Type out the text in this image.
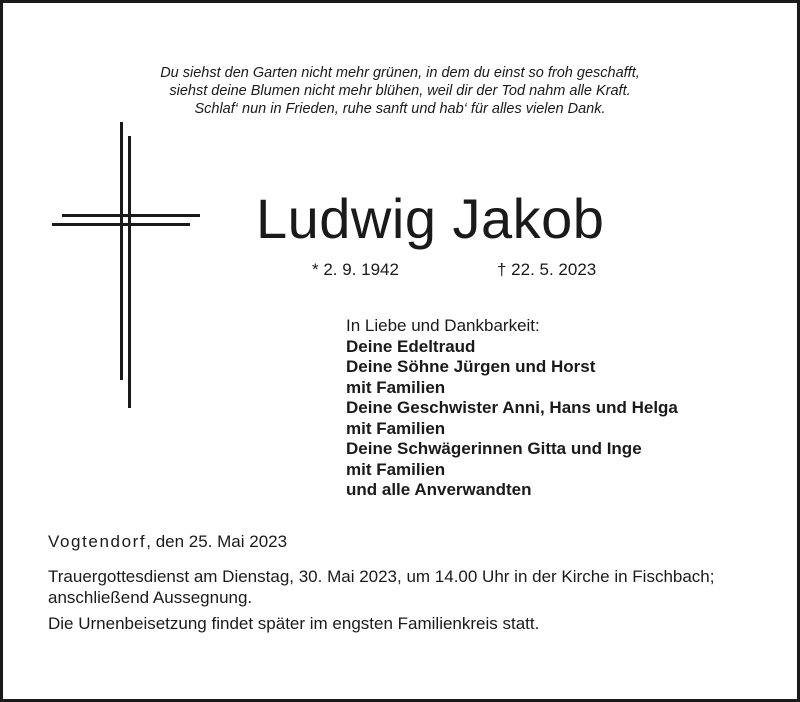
Du siehst den Garten nicht mehr grünen, in dem du einst so froh geschafft,
siehst deine Blumen nicht mehr blühen, weil dir der Tod nahm alle Kraft.
Schlaf‘ nun in Frieden, ruhe sanft und hab‘ für alles vielen Dank.
Ludwig Jakob
* 2. 9. 1942	† 22. 5. 2023
In Liebe und Dankbarkeit:
Deine Edeltraud
Deine Söhne Jürgen und Horst
mit Familien
Deine Geschwister Anni, Hans und Helga
mit Familien
Deine Schwägerinnen Gitta und Inge
mit Familien
und alle Anverwandten
Vogtendorf, den 25. Mai 2023
Trauergottesdienst am Dienstag, 30. Mai 2023, um 14.00 Uhr in der Kirche in Fischbach; anschließend Aussegnung.
Die Urnenbeisetzung findet später im engsten Familienkreis statt.
